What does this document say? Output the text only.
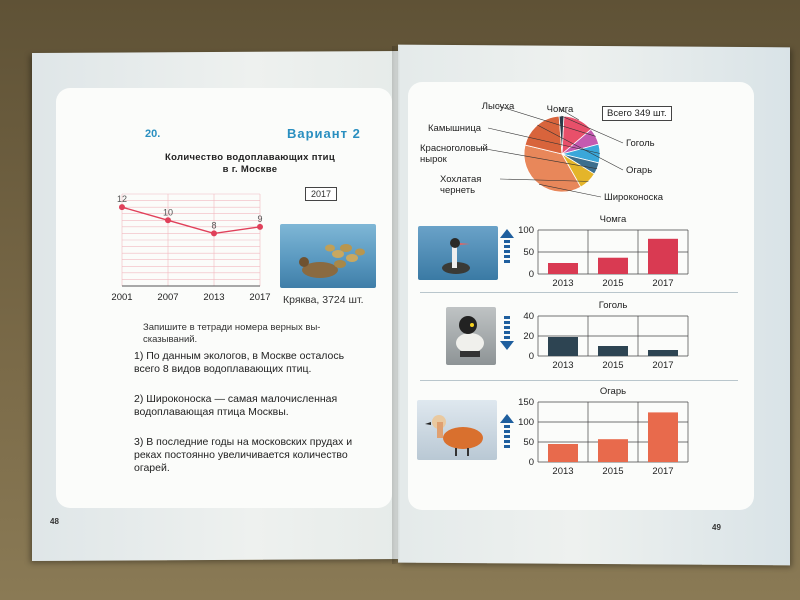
20.	Вариант 2
Количество водоплавающих птиц
в г. Москве
12
10
8
9
2001	2007	2013	2017
2017
Кряква, 3724 шт.
Запишите в тетради номера верных вы-
сказываний.
1) По данным экологов, в Москве осталось всего 8 видов водоплавающих птиц.
2) Широконоска — самая малочисленная водоплавающая птица Москвы.
3) В последние годы на московских прудах и реках постоянно увеличивается количество огарей.
48
Чомга
Лысуха
Камышница
Красноголовый
нырок
Хохлатая
чернеть
Широконоска
Огарь
Гоголь
Всего 349 шт.
Чомга
0
50
100
2013	2015	2017
Гоголь
0
20
40
2013	2015	2017
Огарь
0
50
100
150
2013	2015	2017
49
